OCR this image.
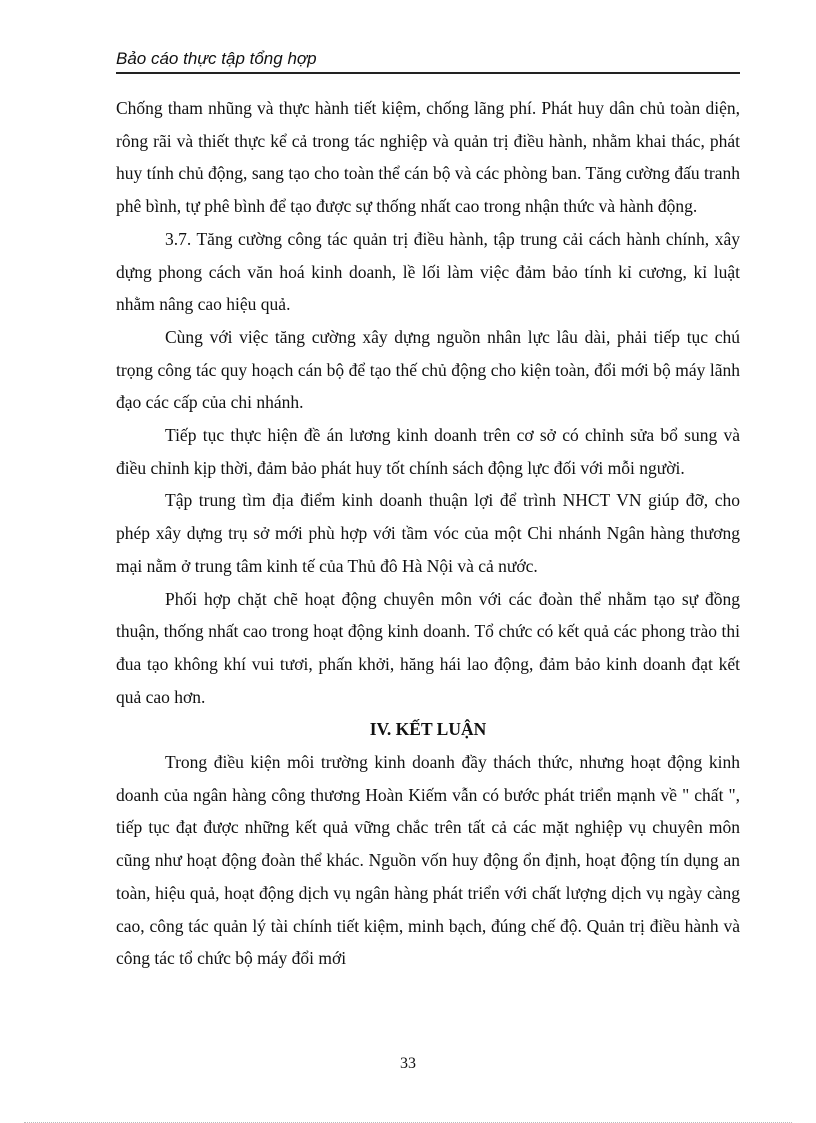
Bảo cáo thực tập tổng hợp

Chống tham nhũng và thực hành tiết kiệm, chống lãng phí. Phát huy dân chủ toàn diện, rông rãi và thiết thực kể cả trong tác nghiệp và quản trị điều hành, nhằm khai thác, phát huy tính chủ động, sang tạo cho toàn thể cán bộ và các phòng ban. Tăng cường đấu tranh phê bình, tự phê bình để tạo được sự thống nhất cao trong nhận thức và hành động.

3.7. Tăng cường công tác quản trị điều hành, tập trung cải cách hành chính, xây dựng phong cách văn hoá kinh doanh, lề lối làm việc đảm bảo tính kỉ cương, kỉ luật nhằm nâng cao hiệu quả.

Cùng với việc tăng cường xây dựng nguồn nhân lực lâu dài, phải tiếp tục chú trọng công tác quy hoạch cán bộ để tạo thế chủ động cho kiện toàn, đổi mới bộ máy lãnh đạo các cấp của chi nhánh.

Tiếp tục thực hiện đề án lương kinh doanh trên cơ sở có chỉnh sửa bổ sung và điều chỉnh kịp thời, đảm bảo phát huy tốt chính sách động lực đối với mỗi người.

Tập trung tìm địa điểm kinh doanh thuận lợi để trình NHCT VN giúp đỡ, cho phép xây dựng trụ sở mới phù hợp với tầm vóc của một Chi nhánh Ngân hàng thương mại nằm ở trung tâm kinh tế của Thủ đô Hà Nội và cả nước.

Phối hợp chặt chẽ hoạt động chuyên môn với các đoàn thể nhằm tạo sự đồng thuận, thống nhất cao trong hoạt động kinh doanh. Tổ chức có kết quả các phong trào thi đua tạo không khí vui tươi, phấn khởi, hăng hái lao động, đảm bảo kinh doanh đạt kết quả cao hơn.

IV. KẾT LUẬN

Trong điều kiện môi trường kinh doanh đầy thách thức, nhưng hoạt động kinh doanh của ngân hàng công thương Hoàn Kiếm vẫn có bước phát triển mạnh về " chất ", tiếp tục đạt được những kết quả vững chắc trên tất cả các mặt nghiệp vụ chuyên môn cũng như hoạt động đoàn thể khác. Nguồn vốn huy động ổn định, hoạt động tín dụng an toàn, hiệu quả, hoạt động dịch vụ ngân hàng phát triển với chất lượng dịch vụ ngày càng cao, công tác quản lý tài chính tiết kiệm, minh bạch, đúng chế độ. Quản trị điều hành và công tác tổ chức bộ máy đổi mới

33
